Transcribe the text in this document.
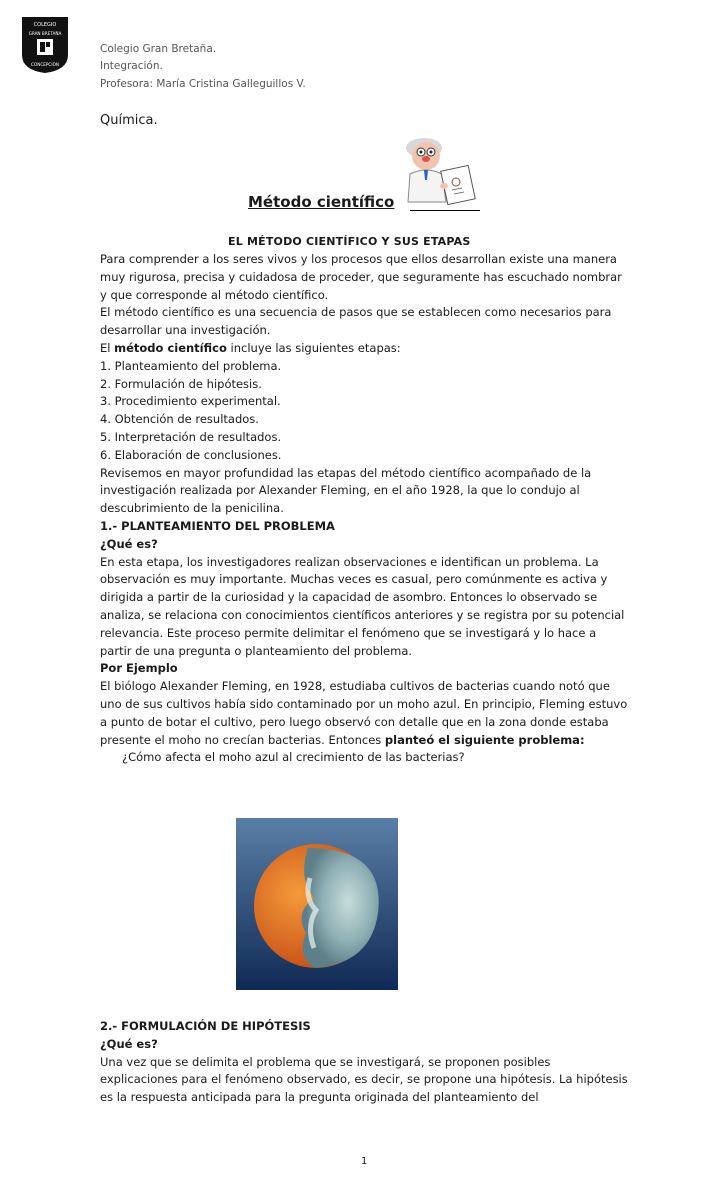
COLEGIO
GRAN BRETAÑA
CONCEPCION
Colegio Gran Bretaña.
Integración.
Profesora: María Cristina Galleguillos V.
Química.
Método científico
EL MÉTODO CIENTÍFICO Y SUS ETAPAS

Para comprender a los seres vivos y los procesos que ellos desarrollan existe una manera muy rigurosa, precisa y cuidadosa de proceder, que seguramente has escuchado nombrar y que corresponde al método científico.

El método científico es una secuencia de pasos que se establecen como necesarios para desarrollar una investigación.

El método científico incluye las siguientes etapas:

1. Planteamiento del problema.

2. Formulación de hipótesis.

3. Procedimiento experimental.

4. Obtención de resultados.

5. Interpretación de resultados.

6. Elaboración de conclusiones.

Revisemos en mayor profundidad las etapas del método científico acompañado de la investigación realizada por Alexander Fleming, en el año 1928, la que lo condujo al descubrimiento de la penicilina.

1.- PLANTEAMIENTO DEL PROBLEMA

¿Qué es?

En esta etapa, los investigadores realizan observaciones e identifican un problema. La observación es muy importante. Muchas veces es casual, pero comúnmente es activa y dirigida a partir de la curiosidad y la capacidad de asombro. Entonces lo observado se analiza, se relaciona con conocimientos científicos anteriores y se registra por su potencial relevancia. Este proceso permite delimitar el fenómeno que se investigará y lo hace a partir de una pregunta o planteamiento del problema.

Por Ejemplo

El biólogo Alexander Fleming, en 1928, estudiaba cultivos de bacterias cuando notó que uno de sus cultivos había sido contaminado por un moho azul. En principio, Fleming estuvo a punto de botar el cultivo, pero luego observó con detalle que en la zona donde estaba presente el moho no crecían bacterias. Entonces planteó el siguiente problema:

¿Cómo afecta el moho azul al crecimiento de las bacterias?

2.- FORMULACIÓN DE HIPÓTESIS

¿Qué es?

Una vez que se delimita el problema que se investigará, se proponen posibles explicaciones para el fenómeno observado, es decir, se propone una hipótesis. La hipótesis es la respuesta anticipada para la pregunta originada del planteamiento del

1
